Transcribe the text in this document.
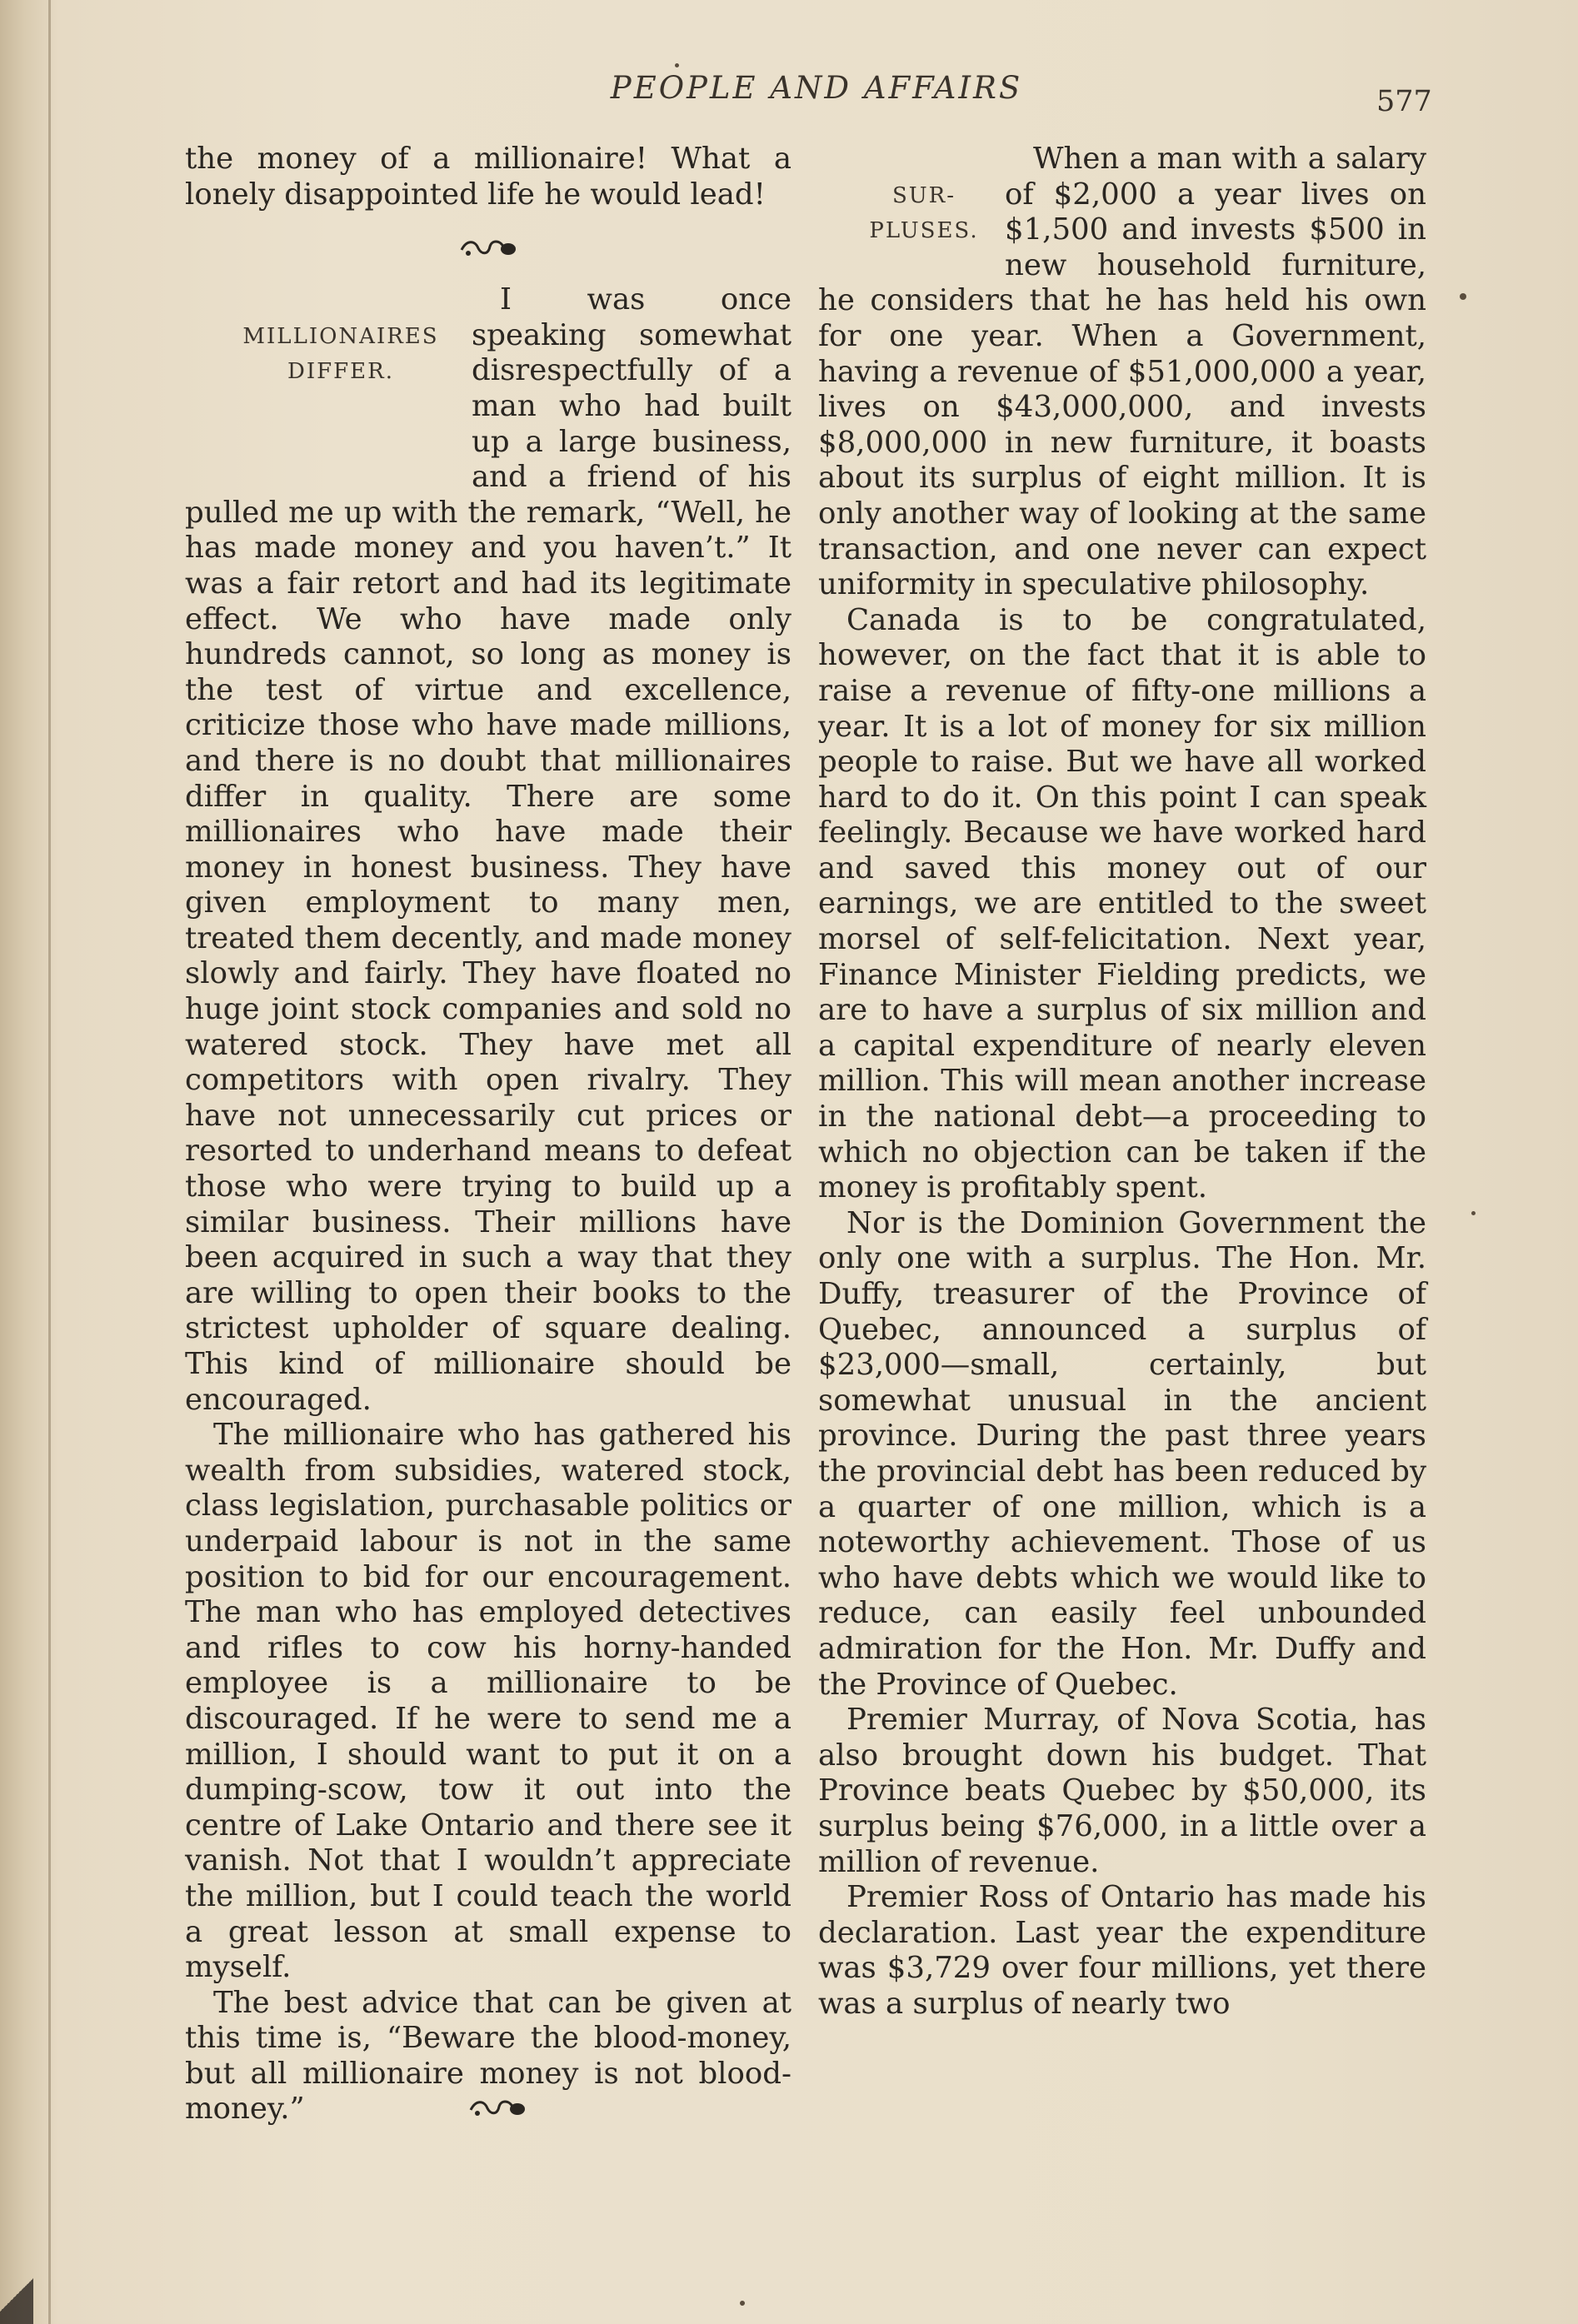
PEOPLE AND AFFAIRS	577

the money of a millionaire! What a lonely disappointed life he would lead!

MILLIONAIRES
DIFFER.
I was once speaking somewhat disrespectfully of a man who had built up a large business, and a friend of his pulled me up with the remark, “Well, he has made money and you haven’t.” It was a fair retort and had its legitimate effect. We who have made only hundreds cannot, so long as money is the test of virtue and excellence, criticize those who have made millions, and there is no doubt that millionaires differ in quality. There are some millionaires who have made their money in honest business. They have given employment to many men, treated them decently, and made money slowly and fairly. They have floated no huge joint stock companies and sold no watered stock. They have met all competitors with open rivalry. They have not unnecessarily cut prices or resorted to underhand means to defeat those who were trying to build up a similar business. Their millions have been acquired in such a way that they are willing to open their books to the strictest upholder of square dealing. This kind of millionaire should be encouraged.

The millionaire who has gathered his wealth from subsidies, watered stock, class legislation, purchasable politics or underpaid labour is not in the same position to bid for our encouragement. The man who has employed detectives and rifles to cow his horny-handed employee is a millionaire to be discouraged. If he were to send me a million, I should want to put it on a dumping-scow, tow it out into the centre of Lake Ontario and there see it vanish. Not that I wouldn’t appreciate the million, but I could teach the world a great lesson at small expense to myself.

The best advice that can be given at this time is, “Beware the blood-money, but all millionaire money is not blood-money.”

SUR-
PLUSES.
When a man with a salary of $2,000 a year lives on $1,500 and invests $500 in new household furniture, he considers that he has held his own for one year. When a Government, having a revenue of $51,000,000 a year, lives on $43,000,000, and invests $8,000,000 in new furniture, it boasts about its surplus of eight million. It is only another way of looking at the same transaction, and one never can expect uniformity in speculative philosophy.

Canada is to be congratulated, however, on the fact that it is able to raise a revenue of fifty-one millions a year. It is a lot of money for six million people to raise. But we have all worked hard to do it. On this point I can speak feelingly. Because we have worked hard and saved this money out of our earnings, we are entitled to the sweet morsel of self-felicitation. Next year, Finance Minister Fielding predicts, we are to have a surplus of six million and a capital expenditure of nearly eleven million. This will mean another increase in the national debt—a proceeding to which no objection can be taken if the money is profitably spent.

Nor is the Dominion Government the only one with a surplus. The Hon. Mr. Duffy, treasurer of the Province of Quebec, announced a surplus of $23,000—small, certainly, but somewhat unusual in the ancient province. During the past three years the provincial debt has been reduced by a quarter of one million, which is a noteworthy achievement. Those of us who have debts which we would like to reduce, can easily feel unbounded admiration for the Hon. Mr. Duffy and the Province of Quebec.

Premier Murray, of Nova Scotia, has also brought down his budget. That Province beats Quebec by $50,000, its surplus being $76,000, in a little over a million of revenue.

Premier Ross of Ontario has made his declaration. Last year the expenditure was $3,729 over four millions, yet there was a surplus of nearly two
